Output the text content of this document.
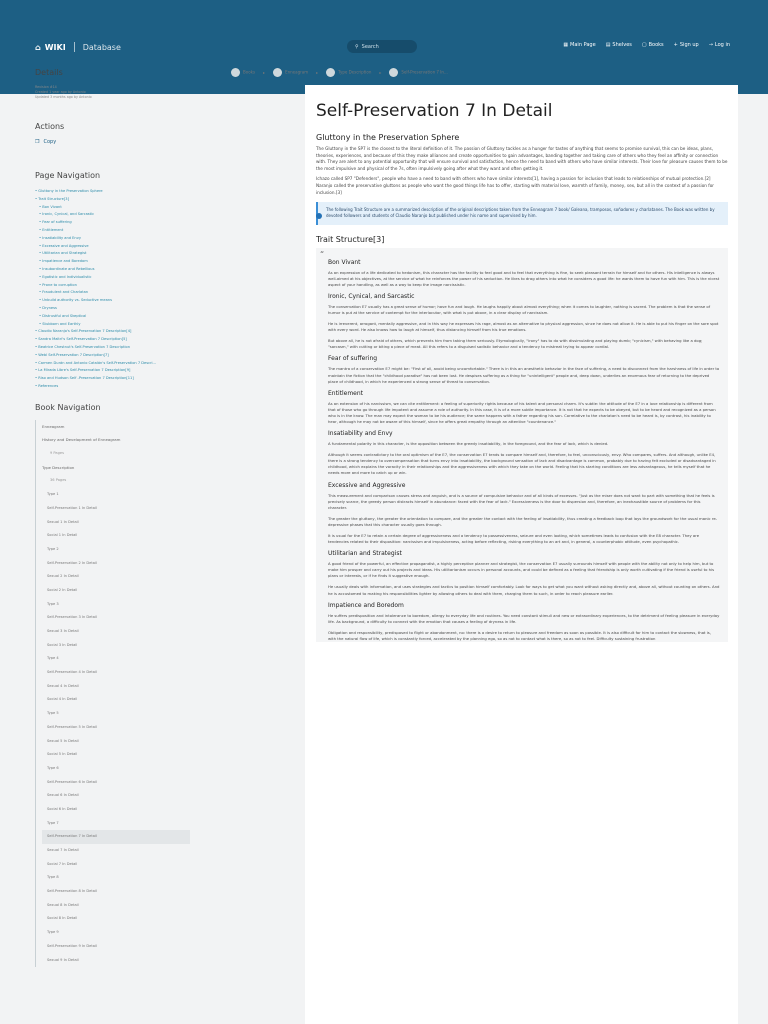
⌂ WIKI Database	⚲ Search	▦ Main Page ▤ Shelves ▢ Books + Sign up → Log in
Details
Revision #14
Created 1 year ago by Antonio
Updated 3 months ago by Antonio
Actions
❐ Copy
Page Navigation
• Gluttony in the Preservation Sphere
• Trait Structure[3]
• Bon Vivant
• Ironic, Cynical, and Sarcastic
• Fear of suffering
• Entitlement
• Insatiability and Envy
• Excessive and Aggressive
• Utilitarian and Strategist
• Impatience and Boredom
• Insubordinate and Rebellious
• Egotistic and Individualistic
• Prone to corruption
• Fraudulent and Charlatan
• Unbuild authority vs. Seductive means
• Dryness
• Distrustful and Skeptical
• Stubborn and Earthly
• Claudio Naranjo's Self-Preservation 7 Description[4]
• Sandra Maitri's Self-Preservation 7 Description[5]
• Beatrice Chestnut's Self-Preservation 7 Description
• Webl Self-Preservation 7 Description[7]
• Carmen Durán and Antonio Catalán's Self-Preservation 7 Descri...
• La Mirada Libre's Self-Preservation 7 Description[9]
• Riso and Hudson Self -Preservation 7 Description[11]
• References
Book Navigation
Enneagram
History and Development of Enneagram
9 Pages
Type Description
36 Pages
Type 1
Self-Preservation 1 In Detail
Sexual 1 In Detail
Social 1 In Detail
Type 2
Self-Preservation 2 In Detail
Sexual 2 In Detail
Social 2 In Detail
Type 3
Self-Preservation 3 In Detail
Sexual 3 In Detail
Social 3 In Detail
Type 4
Self-Preservation 4 In Detail
Sexual 4 In Detail
Social 4 In Detail
Type 5
Self-Preservation 5 In Detail
Sexual 5 In Detail
Social 5 In Detail
Type 6
Self-Preservation 6 In Detail
Sexual 6 In Detail
Social 6 In Detail
Type 7
Self-Preservation 7 In Detail
Sexual 7 In Detail
Social 7 In Detail
Type 8
Self-Preservation 8 In Detail
Sexual 8 In Detail
Social 8 In Detail
Type 9
Self-Preservation 9 In Detail
Sexual 9 In Detail
Books ▸	Enneagram ▸	Type Description ▸	Self-Preservation 7 In...
Self-Preservation 7 In Detail
Gluttony in the Preservation Sphere

The Gluttony in the SP7 is the closest to the literal definition of it. The passion of Gluttony tackles as a hunger for tastes of anything that seems to promise survival, this can be ideas, plans, theories, experiences, and because of this they make alliances and create opportunities to gain advantages, banding together and taking care of others who they feel an affinity or connection with. They are alert to any potential opportunity that will ensure survival and satisfaction, hence the need to band with others who have similar interests. Their love for pleasure causes them to be the most impulsive and physical of the 7s, often impulsively going after what they want and often getting it.

Ichazo called SP7 "Defenders", people who have a need to band with others who have similar interests[1], having a passion for inclusion that leads to relationships of mutual protection.[2] Naranjo called the preservative gluttons as people who want the good things life has to offer, starting with material love, warmth of family, money, sex, but all in the context of a passion for inclusion.[3]

The following Trait Structure are a summarized description of the original descriptions taken from the Enneagram 7 book/ Galeana, tramposos, soñadores y charlatanes. The Book was written by devoted followers and students of Claudio Naranjo but published under his name and supervised by him.
Trait Structure[3]
“
Bon Vivant

As an expression of a life dedicated to hedonism, this character has the facility to feel good and to feel that everything is fine, to seek pleasant terrain for himself and for others. His intelligence is always well-aimed at his objectives, at the service of what he reinforces the power of his seduction. He likes to drag others into what he considers a good life: he wants them to have fun with him. This is the nicest aspect of your handling, as well as a way to keep the image narcissistic.

Ironic, Cynical, and Sarcastic

The conservation E7 usually has a great sense of humor; have fun and laugh. He laughs happily about almost everything; when it comes to laughter, nothing is sacred. The problem is that the sense of humor is put at the service of contempt for the interlocutor, with what is put above, in a clear display of narcissism.

He is irreverent, arrogant, mentally aggressive, and in this way he expresses his rage, almost as an alternative to physical aggression, since he does not allow it. He is able to put his finger on the sore spot with every word. He also knows how to laugh at himself, thus distancing himself from his true emotions.

But above all, he is not afraid of others, which prevents him from taking them seriously. Etymologically, "irony" has to do with dissimulating and playing dumb; "cynicism," with behaving like a dog; "sarcasm," with cutting or biting a piece of meat. All this refers to a disguised sadistic behavior and a tendency to mistreat trying to appear cordial.

Fear of suffering

The mantra of a conservation E7 might be: "First of all, avoid being uncomfortable." There is in this an anesthetic behavior in the face of suffering, a need to disconnect from the harshness of life in order to maintain the fiction that the "childhood paradise" has not been lost. He despises suffering as a thing for "unintelligent" people and, deep down, underlies an enormous fear of returning to the deprived place of childhood, in which he experienced a strong sense of threat to conservation.

Entitlement

As an extension of his narcissism, we can cite entitlement: a feeling of superiority rights because of his talent and personal charm. It's subtle: the attitude of the E7 in a love relationship is different from that of those who go through life impotent and assume a role of authority. In this case, it is of a more subtle importance. It is not that he expects to be obeyed, but to be heard and recognized as a person who is in the know. The man may expect the woman to be his audience; the same happens with a father regarding his son. Correlative to the charlatan's need to be heard is, by contrast, his inability to hear, although he may not be aware of this himself, since he offers great empathy through an attentive "countenance."

Insatiability and Envy

A fundamental polarity in this character, is the opposition between the greedy insatiability, in the foreground, and the fear of lack, which is denied.

Although it seems contradictory to the oral optimism of the E7, the conservation E7 tends to compare himself and, therefore, to feel, unconsciously, envy. Who compares, suffers. And although, unlike E4, there is a strong tendency to overcompensation that turns envy into insatiability, the background sensation of lack and disadvantage is common, probably due to having felt excluded or disadvantaged in childhood, which explains the voracity in their relationships and the aggressiveness with which they take on the world. Feeling that his starting conditions are less advantageous, he tells myself that he needs more and more to catch up or win.

Excessive and Aggressive

This measurement and comparison causes stress and anguish, and is a source of compulsive behavior and of all kinds of excesses. "Just as the miser does not want to part with something that he feels is precisely scarce, the greedy person distracts himself in abundance: faced with the fear of lack." Excessiveness is the door to dispersion and, therefore, an inexhaustible source of problems for this character.

The greater the gluttony, the greater the orientation to compare, and the greater the contact with the feeling of insatiability, thus creating a feedback loop that lays the groundwork for the usual manic re-depressive phases that this character usually goes through.

It is usual for the E7 to retain a certain degree of aggressiveness and a tendency to possessiveness, seizure and even looting, which sometimes leads to confusion with the E8 character. They are tendencies related to their disposition: narcissism and impulsiveness, acting before reflecting, risking everything to an art and, in general, a counterphobic attitude, even psychopathic.

Utilitarian and Strategist

A good friend of the powerful, an effective propagandist, a highly perceptive planner and strategist, the conservation E7 usually surrounds himself with people with the ability not only to help him, but to make him prosper and carry out his projects and ideas. His utilitarianism occurs in personal accounts, and could be defined as a feeling that friendship is only worth cultivating if the friend is useful to his plans or interests, or if he finds it suggestive enough.

He usually deals with information, and uses strategies and tactics to position himself comfortably. Look for ways to get what you want without asking directly and, above all, without counting on others. And he is accustomed to making his responsibilities lighter by allowing others to deal with them, charging them to such, in order to reach pleasure earlier.

Impatience and Boredom

He suffers predisposition and intolerance to boredom, allergy to everyday life and routines. You need constant stimuli and new or extraordinary experiences, to the detriment of feeling pleasure in everyday life. As background, a difficulty to connect with the emotion that causes a feeling of dryness in life.

Obligation and responsibility, predisposed to flight or abandonment, no: there is a desire to return to pleasure and freedom as soon as possible. It is also difficult for him to contact the slowness, that is, with the natural flow of life, which is constantly forced, accelerated by the planning ego, so as not to contact what is there, so as not to feel. Difficulty sustaining frustration
